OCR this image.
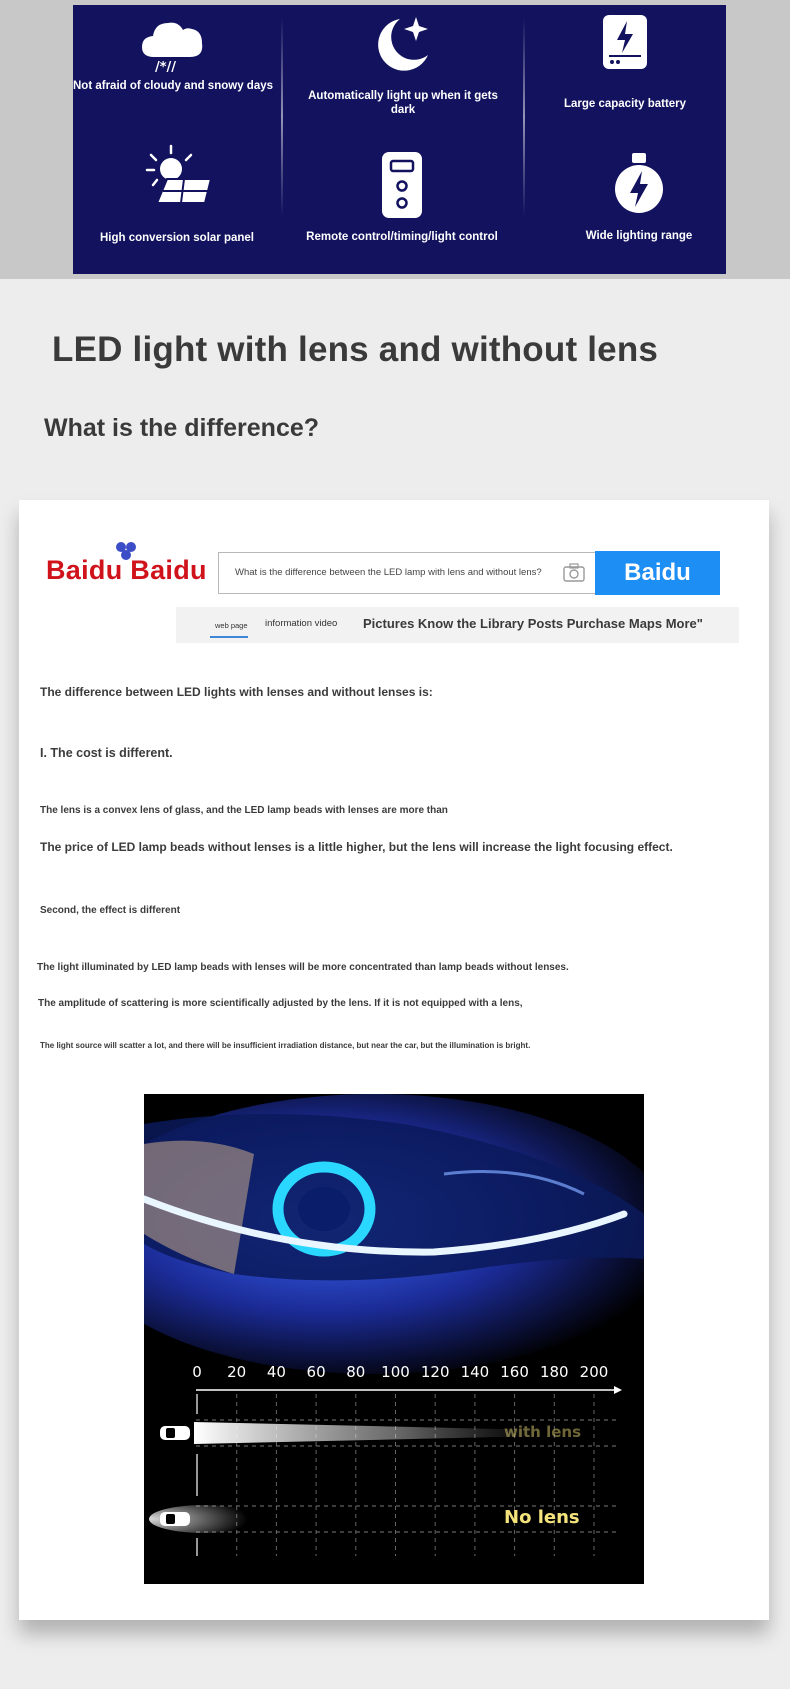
/*//
Not afraid of cloudy and snowy days
Automatically light up when it gets dark	Large capacity battery
High conversion solar panel	Remote control/timing/light control	Wide lighting range
LED light with lens and without lens
What is the difference?
Baidu Baidu	What is the difference between the LED lamp with lens and without lens?	Baidu
web page information video Pictures Know the Library Posts Purchase Maps More"
The difference between LED lights with lenses and without lenses is:
I. The cost is different.
The lens is a convex lens of glass, and the LED lamp beads with lenses are more than
The price of LED lamp beads without lenses is a little higher, but the lens will increase the light focusing effect.
Second, the effect is different
The light illuminated by LED lamp beads with lenses will be more concentrated than lamp beads without lenses.
The amplitude of scattering is more scientifically adjusted by the lens. If it is not equipped with a lens,
The light source will scatter a lot, and there will be insufficient irradiation distance, but near the car, but the illumination is bright.
0 20 40 60 80 100 120 140 160 180 200
with lens
No lens
